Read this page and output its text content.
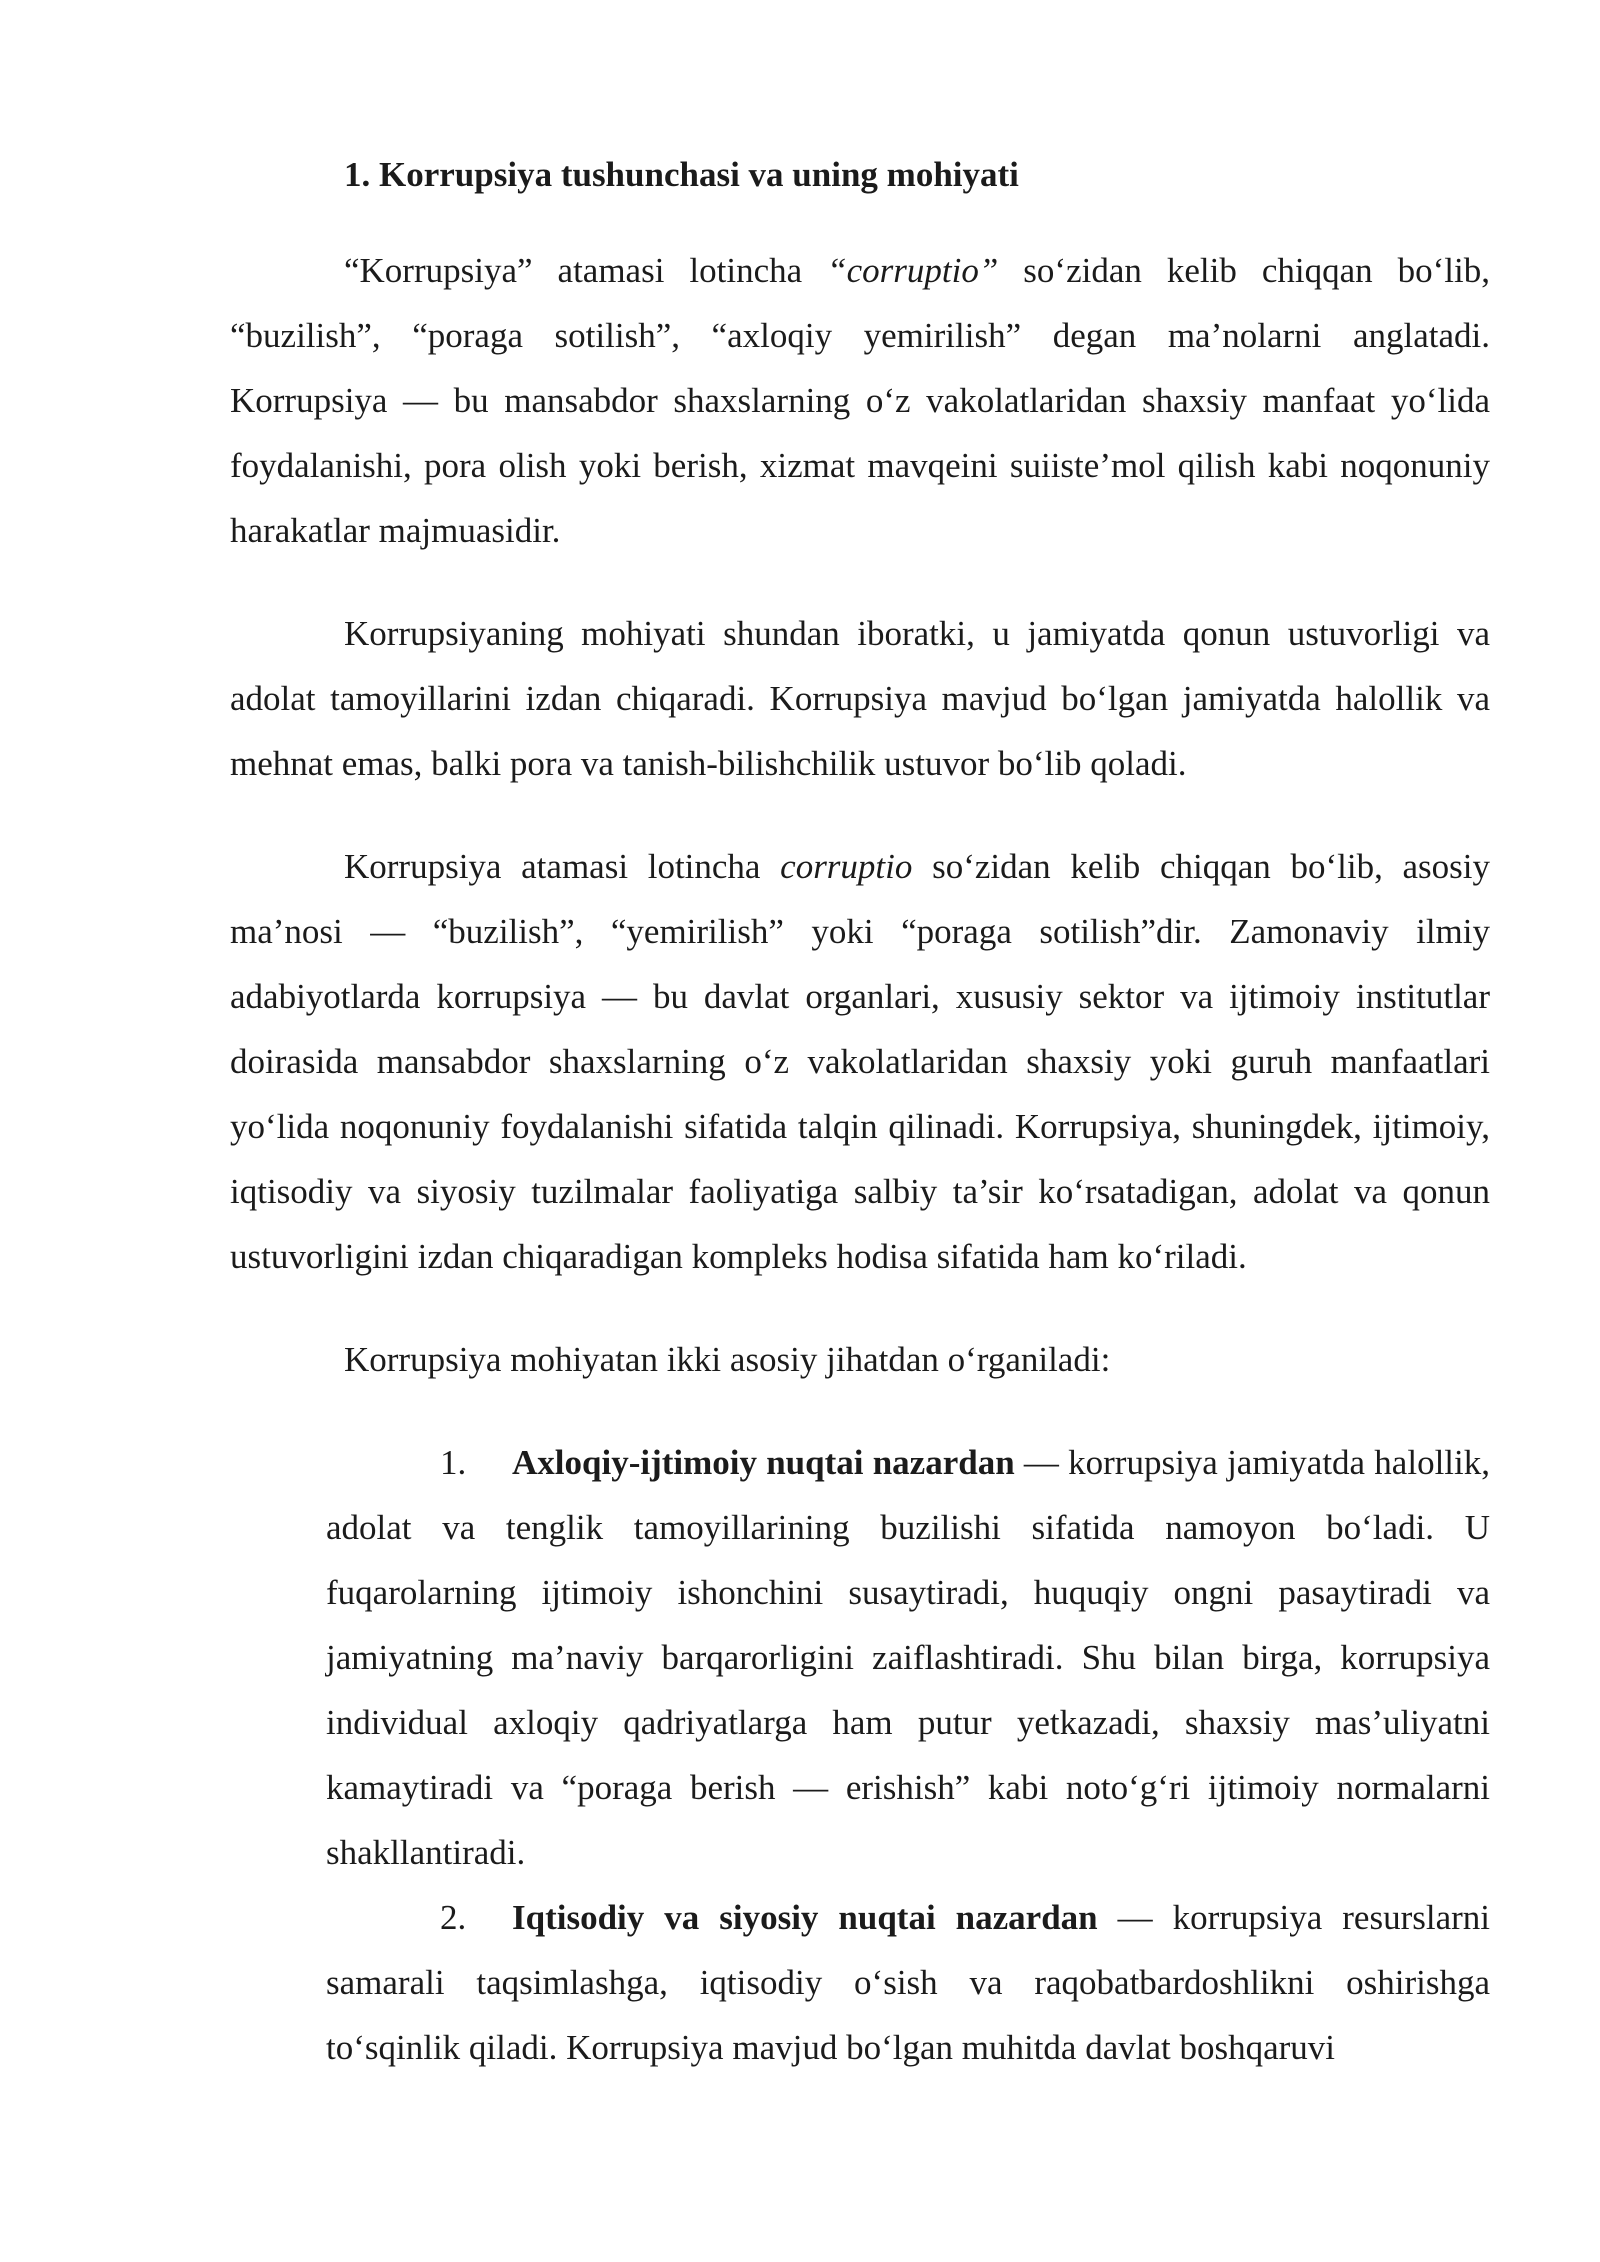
1. Korrupsiya tushunchasi va uning mohiyati

“Korrupsiya” atamasi lotincha “corruptio” so‘zidan kelib chiqqan bo‘lib, “buzilish”, “poraga sotilish”, “axloqiy yemirilish” degan ma’nolarni anglatadi. Korrupsiya — bu mansabdor shaxslarning o‘z vakolatlaridan shaxsiy manfaat yo‘lida foydalanishi, pora olish yoki berish, xizmat mavqeini suiiste’mol qilish kabi noqonuniy harakatlar majmuasidir.

Korrupsiyaning mohiyati shundan iboratki, u jamiyatda qonun ustuvorligi va adolat tamoyillarini izdan chiqaradi. Korrupsiya mavjud bo‘lgan jamiyatda halollik va mehnat emas, balki pora va tanish-bilishchilik ustuvor bo‘lib qoladi.

Korrupsiya atamasi lotincha corruptio so‘zidan kelib chiqqan bo‘lib, asosiy ma’nosi — “buzilish”, “yemirilish” yoki “poraga sotilish”dir. Zamonaviy ilmiy adabiyotlarda korrupsiya — bu davlat organlari, xususiy sektor va ijtimoiy institutlar doirasida mansabdor shaxslarning o‘z vakolatlaridan shaxsiy yoki guruh manfaatlari yo‘lida noqonuniy foydalanishi sifatida talqin qilinadi. Korrupsiya, shuningdek, ijtimoiy, iqtisodiy va siyosiy tuzilmalar faoliyatiga salbiy ta’sir ko‘rsatadigan, adolat va qonun ustuvorligini izdan chiqaradigan kompleks hodisa sifatida ham ko‘riladi.

Korrupsiya mohiyatan ikki asosiy jihatdan o‘rganiladi:

1. Axloqiy-ijtimoiy nuqtai nazardan — korrupsiya jamiyatda halollik, adolat va tenglik tamoyillarining buzilishi sifatida namoyon bo‘ladi. U fuqarolarning ijtimoiy ishonchini susaytiradi, huquqiy ongni pasaytiradi va jamiyatning ma’naviy barqarorligini zaiflashtiradi. Shu bilan birga, korrupsiya individual axloqiy qadriyatlarga ham putur yetkazadi, shaxsiy mas’uliyatni kamaytiradi va “poraga berish — erishish” kabi noto‘g‘ri ijtimoiy normalarni shakllantiradi.
2. Iqtisodiy va siyosiy nuqtai nazardan — korrupsiya resurslarni samarali taqsimlashga, iqtisodiy o‘sish va raqobatbardoshlikni oshirishga to‘sqinlik qiladi. Korrupsiya mavjud bo‘lgan muhitda davlat boshqaruvi
